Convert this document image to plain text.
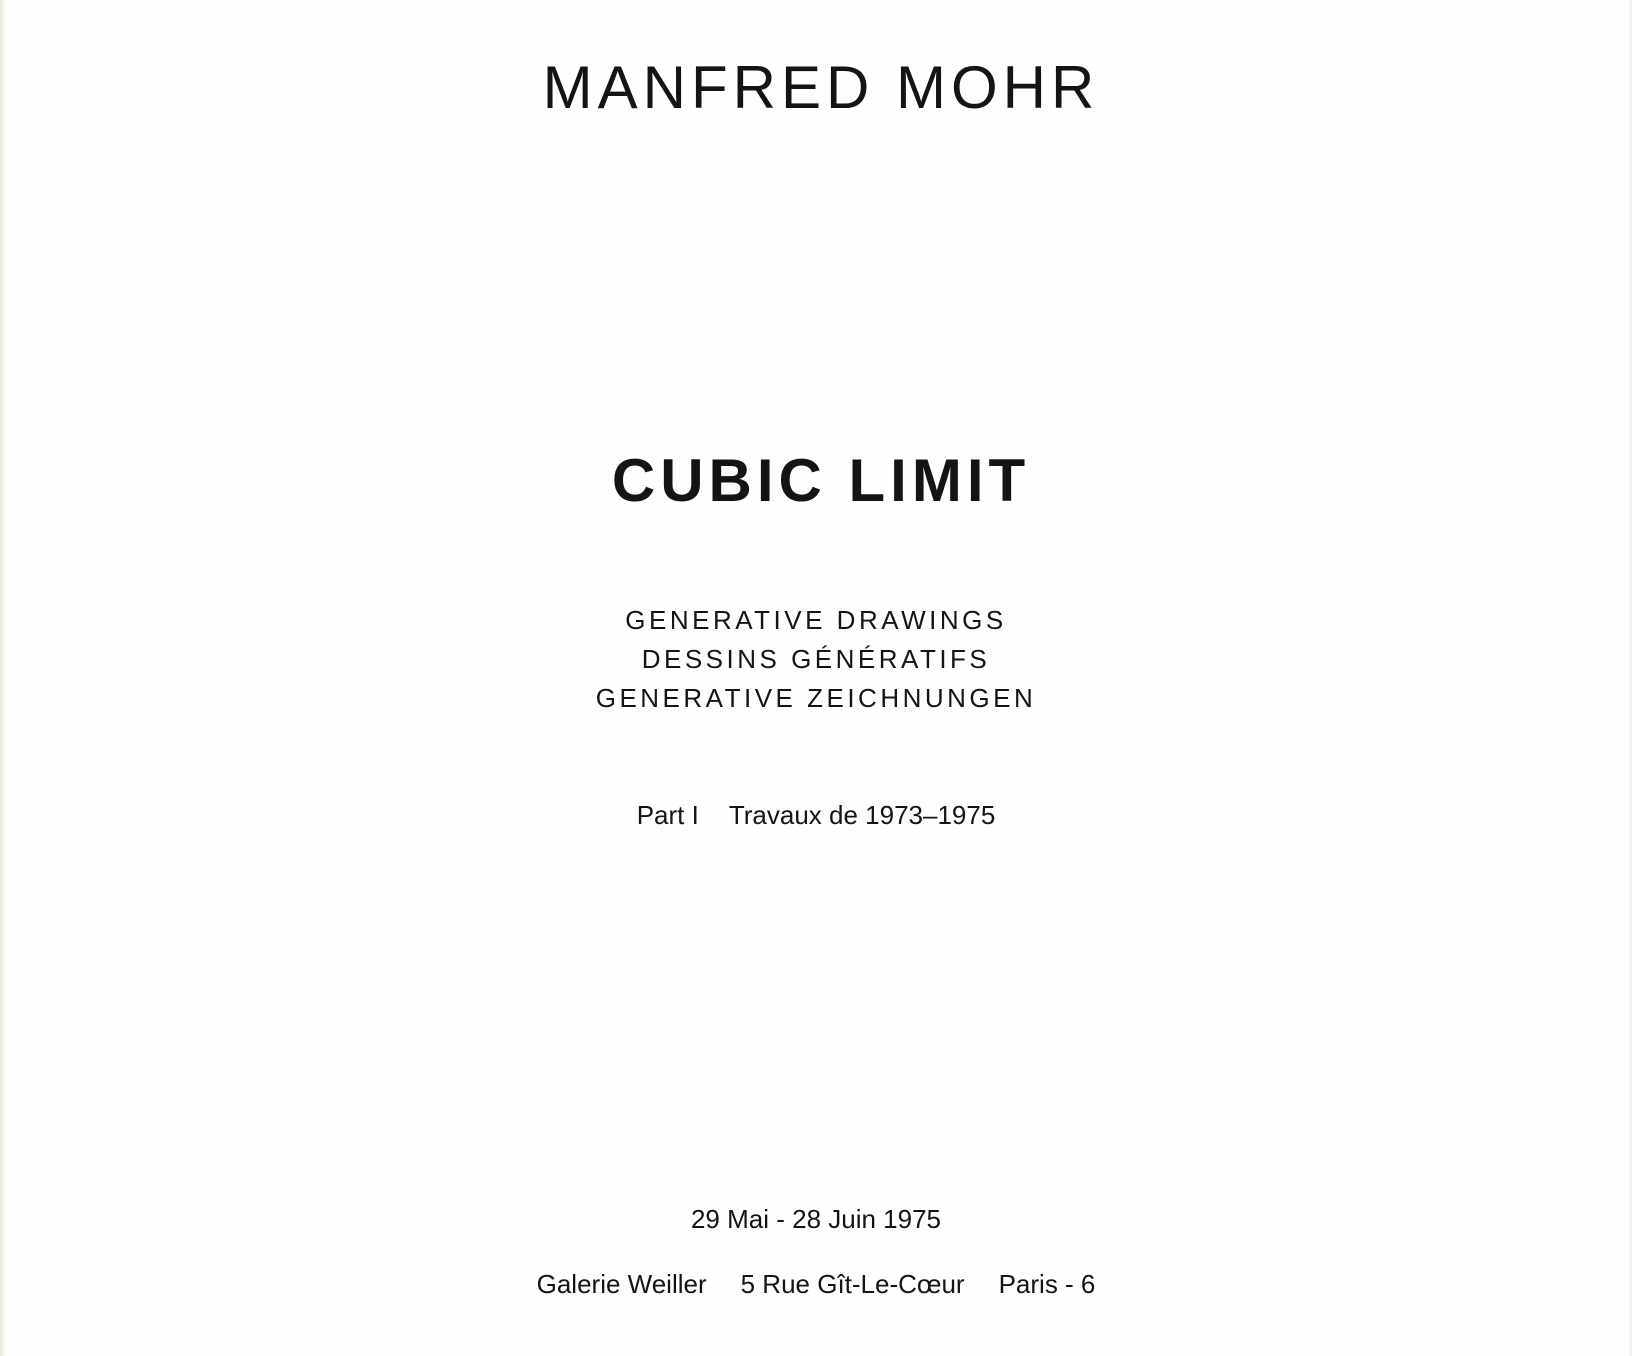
MANFRED MOHR
CUBIC LIMIT
GENERATIVE DRAWINGS
DESSINS GÉNÉRATIFS
GENERATIVE ZEICHNUNGEN

Part I Travaux de 1973–1975

29 Mai - 28 Juin 1975

Galerie Weiller 5 Rue Gît-Le-Cœur Paris - 6
